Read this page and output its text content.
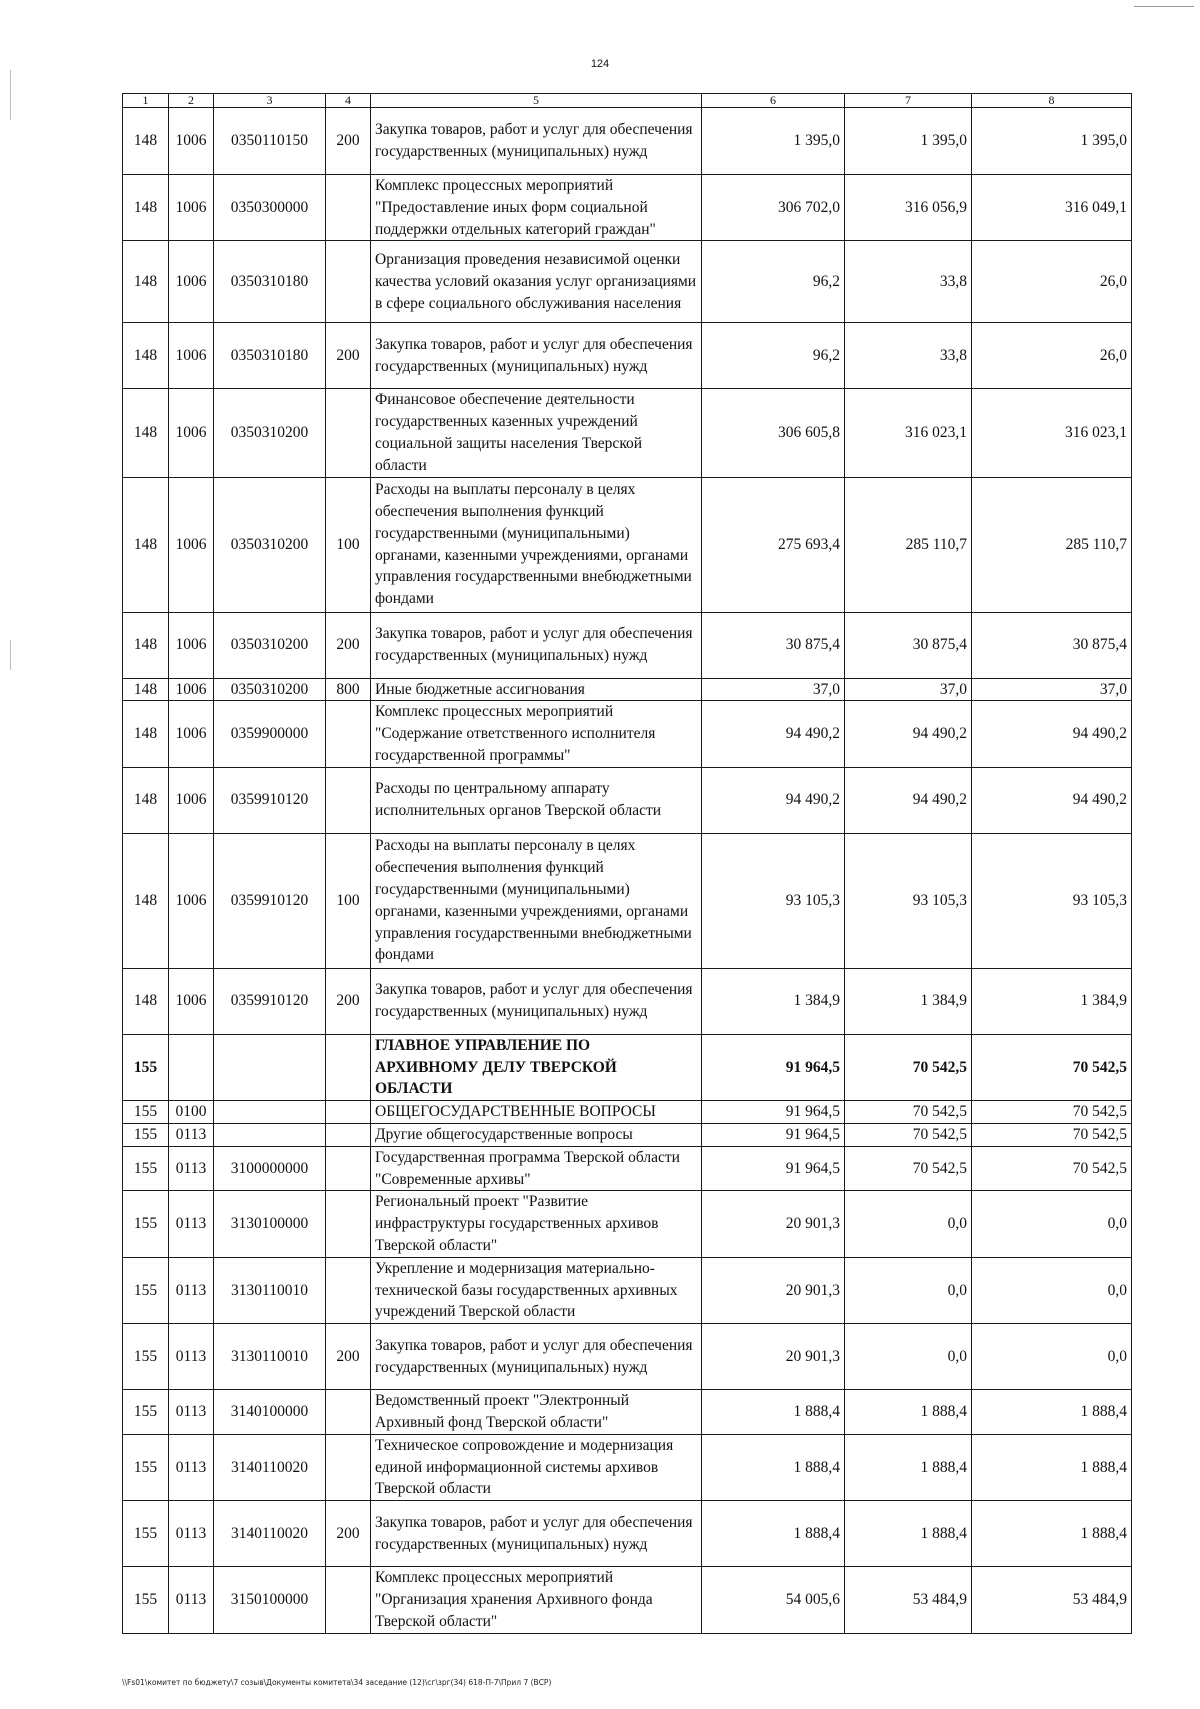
124
1	2	3	4	5	6	7	8
148	1006	0350110150	200	Закупка товаров, работ и услуг для обеспечения государственных (муниципальных) нужд	1 395,0	1 395,0	1 395,0
148	1006	0350300000		Комплекс процессных мероприятий "Предоставление иных форм социальной поддержки отдельных категорий граждан"	306 702,0	316 056,9	316 049,1
148	1006	0350310180		Организация проведения независимой оценки качества условий оказания услуг организациями в сфере социального обслуживания населения	96,2	33,8	26,0
148	1006	0350310180	200	Закупка товаров, работ и услуг для обеспечения государственных (муниципальных) нужд	96,2	33,8	26,0
148	1006	0350310200		Финансовое обеспечение деятельности государственных казенных учреждений социальной защиты населения Тверской области	306 605,8	316 023,1	316 023,1
148	1006	0350310200	100	Расходы на выплаты персоналу в целях обеспечения выполнения функций государственными (муниципальными) органами, казенными учреждениями, органами управления государственными внебюджетными фондами	275 693,4	285 110,7	285 110,7
148	1006	0350310200	200	Закупка товаров, работ и услуг для обеспечения государственных (муниципальных) нужд	30 875,4	30 875,4	30 875,4
148	1006	0350310200	800	Иные бюджетные ассигнования	37,0	37,0	37,0
148	1006	0359900000		Комплекс процессных мероприятий "Содержание ответственного исполнителя государственной программы"	94 490,2	94 490,2	94 490,2
148	1006	0359910120		Расходы по центральному аппарату исполнительных органов Тверской области	94 490,2	94 490,2	94 490,2
148	1006	0359910120	100	Расходы на выплаты персоналу в целях обеспечения выполнения функций государственными (муниципальными) органами, казенными учреждениями, органами управления государственными внебюджетными фондами	93 105,3	93 105,3	93 105,3
148	1006	0359910120	200	Закупка товаров, работ и услуг для обеспечения государственных (муниципальных) нужд	1 384,9	1 384,9	1 384,9
155				ГЛАВНОЕ УПРАВЛЕНИЕ ПО АРХИВНОМУ ДЕЛУ ТВЕРСКОЙ ОБЛАСТИ	91 964,5	70 542,5	70 542,5
155	0100			ОБЩЕГОСУДАРСТВЕННЫЕ ВОПРОСЫ	91 964,5	70 542,5	70 542,5
155	0113			Другие общегосударственные вопросы	91 964,5	70 542,5	70 542,5
155	0113	3100000000		Государственная программа Тверской области "Современные архивы"	91 964,5	70 542,5	70 542,5
155	0113	3130100000		Региональный проект "Развитие инфраструктуры государственных архивов Тверской области"	20 901,3	0,0	0,0
155	0113	3130110010		Укрепление и модернизация материально-технической базы государственных архивных учреждений Тверской области	20 901,3	0,0	0,0
155	0113	3130110010	200	Закупка товаров, работ и услуг для обеспечения государственных (муниципальных) нужд	20 901,3	0,0	0,0
155	0113	3140100000		Ведомственный проект "Электронный Архивный фонд Тверской области"	1 888,4	1 888,4	1 888,4
155	0113	3140110020		Техническое сопровождение и модернизация единой информационной системы архивов Тверской области	1 888,4	1 888,4	1 888,4
155	0113	3140110020	200	Закупка товаров, работ и услуг для обеспечения государственных (муниципальных) нужд	1 888,4	1 888,4	1 888,4
155	0113	3150100000		Комплекс процессных мероприятий "Организация хранения Архивного фонда Тверской области"	54 005,6	53 484,9	53 484,9
\\Fs01\комитет по бюджету\7 созыв\Документы комитета\34 заседание (12)\сг\зрг(34) 618-П-7\Прил 7 (ВСР)
